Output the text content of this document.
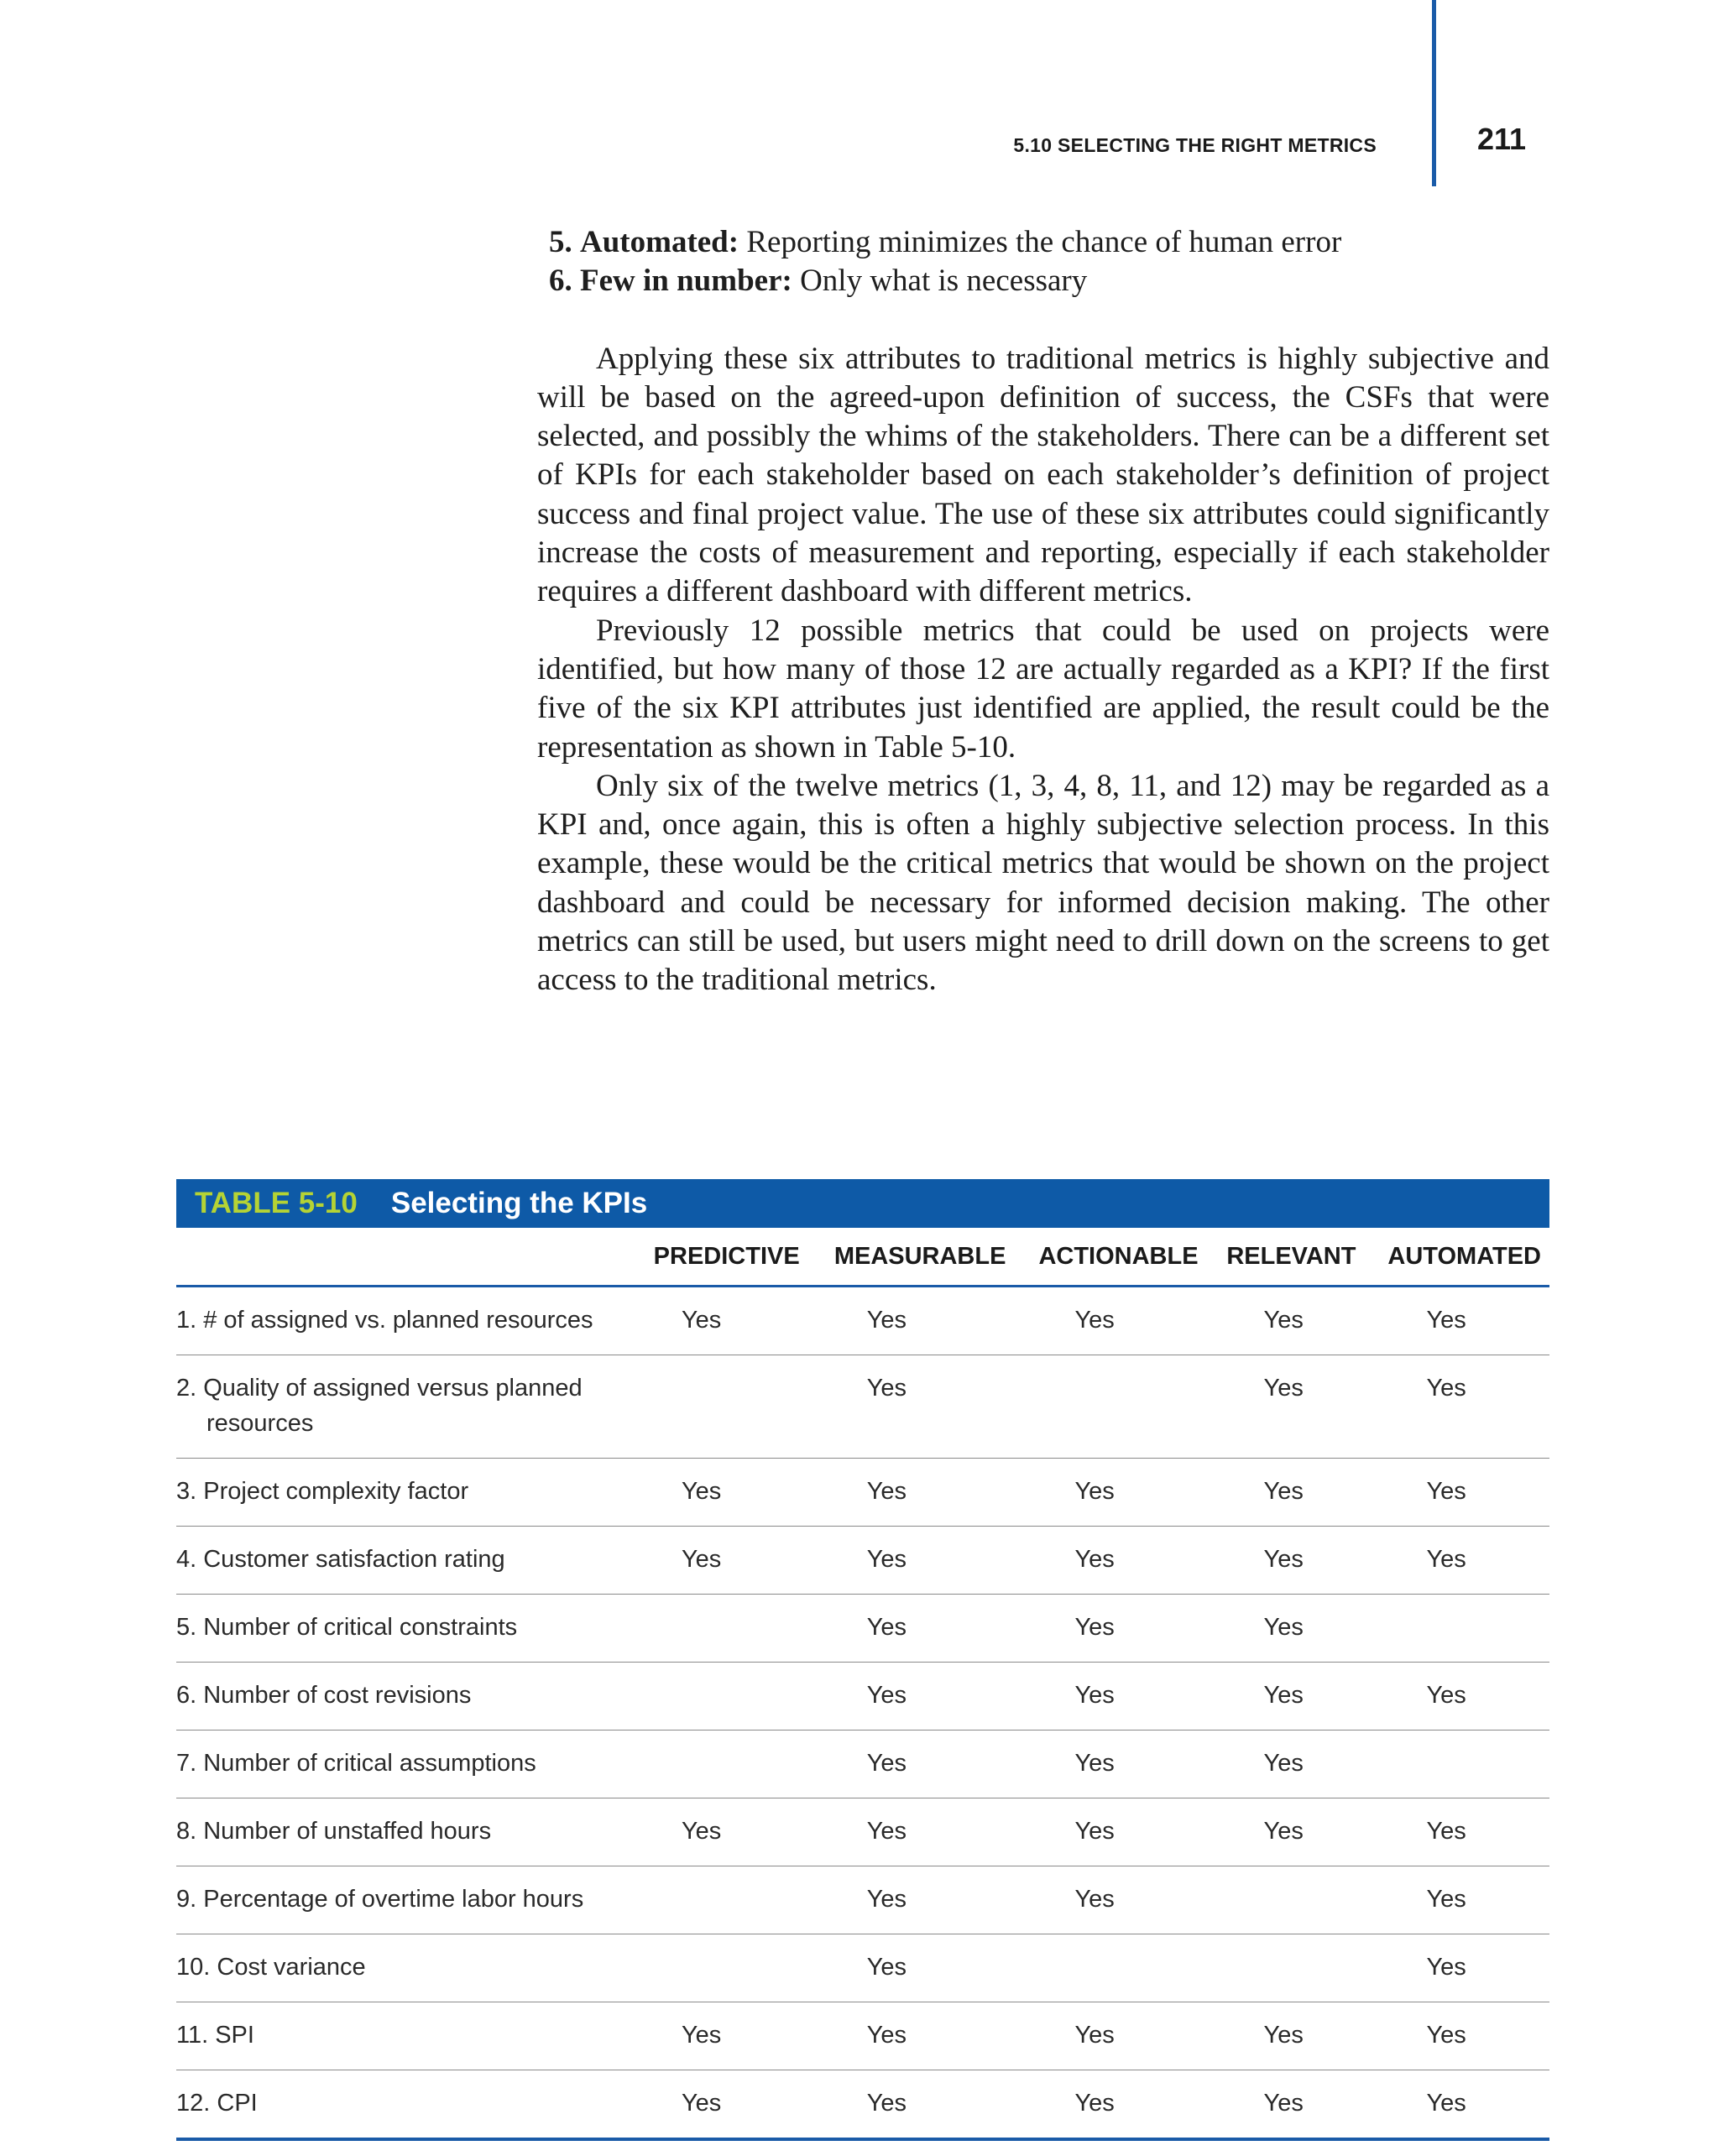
5.10 SELECTING THE RIGHT METRICS	211
5. Automated: Reporting minimizes the chance of human error
6. Few in number: Only what is necessary

Applying these six attributes to traditional metrics is highly subjective and will be based on the agreed-upon definition of success, the CSFs that were selected, and possibly the whims of the stakeholders. There can be a different set of KPIs for each stakeholder based on each stakeholder’s definition of project success and final project value. The use of these six attributes could significantly increase the costs of measurement and reporting, especially if each stakeholder requires a different dashboard with different metrics.

Previously 12 possible metrics that could be used on projects were identified, but how many of those 12 are actually regarded as a KPI? If the first five of the six KPI attributes just identified are applied, the result could be the representation as shown in Table 5-10.

Only six of the twelve metrics (1, 3, 4, 8, 11, and 12) may be regarded as a KPI and, once again, this is often a highly subjective selection process. In this example, these would be the critical metrics that would be shown on the project dashboard and could be necessary for informed decision making. The other metrics can still be used, but users might need to drill down on the screens to get access to the traditional metrics.

TABLE 5-10 Selecting the KPIs
	PREDICTIVE	MEASURABLE	ACTIONABLE	RELEVANT	AUTOMATED
1. # of assigned vs. planned resources	Yes	Yes	Yes	Yes	Yes
2. Quality of assigned versus planned
resources		Yes		Yes	Yes
3. Project complexity factor	Yes	Yes	Yes	Yes	Yes
4. Customer satisfaction rating	Yes	Yes	Yes	Yes	Yes
5. Number of critical constraints		Yes	Yes	Yes	
6. Number of cost revisions		Yes	Yes	Yes	Yes
7. Number of critical assumptions		Yes	Yes	Yes	
8. Number of unstaffed hours	Yes	Yes	Yes	Yes	Yes
9. Percentage of overtime labor hours		Yes	Yes		Yes
10. Cost variance		Yes			Yes
11. SPI	Yes	Yes	Yes	Yes	Yes
12. CPI	Yes	Yes	Yes	Yes	Yes
